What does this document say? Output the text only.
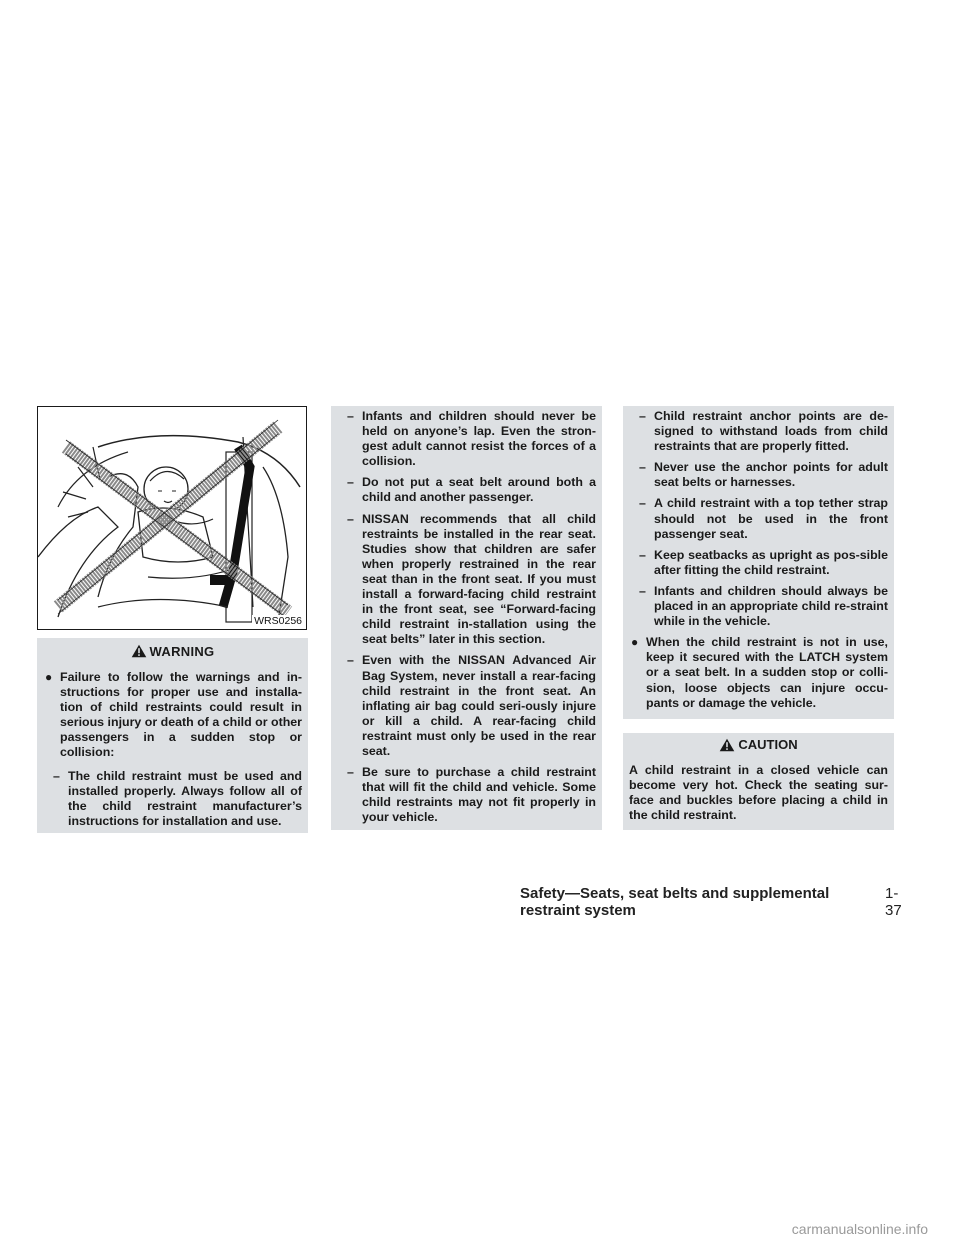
WRS0256
WARNING
● Failure to follow the warnings and in-structions for proper use and installa-tion of child restraints could result in serious injury or death of a child or other passengers in a sudden stop or collision:

– The child restraint must be used and installed properly. Always follow all of the child restraint manufacturer’s instructions for installation and use.

– Infants and children should never be held on anyone’s lap. Even the stron-gest adult cannot resist the forces of a collision.

– Do not put a seat belt around both a child and another passenger.

– NISSAN recommends that all child restraints be installed in the rear seat. Studies show that children are safer when properly restrained in the rear seat than in the front seat. If you must install a forward-facing child restraint in the front seat, see “Forward-facing child restraint in-stallation using the seat belts” later in this section.

– Even with the NISSAN Advanced Air Bag System, never install a rear-facing child restraint in the front seat. An inflating air bag could seri-ously injure or kill a child. A rear-facing child restraint must only be used in the rear seat.

– Be sure to purchase a child restraint that will fit the child and vehicle. Some child restraints may not fit properly in your vehicle.

– Child restraint anchor points are de-signed to withstand loads from child restraints that are properly fitted.

– Never use the anchor points for adult seat belts or harnesses.

– A child restraint with a top tether strap should not be used in the front passenger seat.

– Keep seatbacks as upright as pos-sible after fitting the child restraint.

– Infants and children should always be placed in an appropriate child re-straint while in the vehicle.

● When the child restraint is not in use, keep it secured with the LATCH system or a seat belt. In a sudden stop or colli-sion, loose objects can injure occu-pants or damage the vehicle.

CAUTION

A child restraint in a closed vehicle can become very hot. Check the seating sur-face and buckles before placing a child in the child restraint.

Safety—Seats, seat belts and supplemental restraint system
1-37
carmanualsonline.info
